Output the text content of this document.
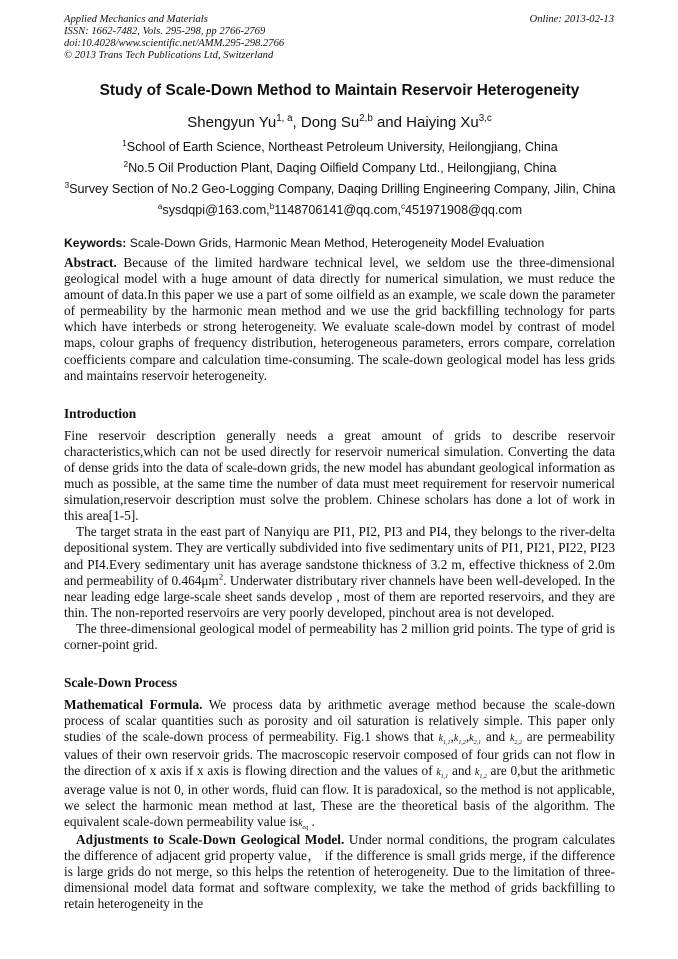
Applied Mechanics and Materials
ISSN: 1662-7482, Vols. 295-298, pp 2766-2769
doi:10.4028/www.scientific.net/AMM.295-298.2766
© 2013 Trans Tech Publications Ltd, Switzerland
Online: 2013-02-13
Study of Scale-Down Method to Maintain Reservoir Heterogeneity
Shengyun Yu$^{1, a}$, Dong Su$^{2,b}$ and Haiying Xu$^{3,c}$
$^1$School of Earth Science, Northeast Petroleum University, Heilongjiang, China
$^2$No.5 Oil Production Plant, Daqing Oilfield Company Ltd., Heilongjiang, China
$^3$Survey Section of No.2 Geo-Logging Company, Daqing Drilling Engineering Company, Jilin, China
$^a$sysdqpi@163.com,$^b$1148706141@qq.com,$^c$451971908@qq.com
Keywords: Scale-Down Grids, Harmonic Mean Method, Heterogeneity Model Evaluation
Abstract. Because of the limited hardware technical level, we seldom use the three-dimensional geological model with a huge amount of data directly for numerical simulation, we must reduce the amount of data.In this paper we use a part of some oilfield as an example, we scale down the parameter of permeability by the harmonic mean method and we use the grid backfilling technology for parts which have interbeds or strong heterogeneity. We evaluate scale-down model by contrast of model maps, colour graphs of frequency distribution, heterogeneous parameters, errors compare, correlation coefficients compare and calculation time-consuming. The scale-down geological model has less grids and maintains reservoir heterogeneity.
Introduction
Fine reservoir description generally needs a great amount of grids to describe reservoir characteristics,which can not be used directly for reservoir numerical simulation. Converting the data of dense grids into the data of scale-down grids, the new model has abundant geological information as much as possible, at the same time the number of data must meet requirement for reservoir numerical simulation,reservoir description must solve the problem. Chinese scholars has done a lot of work in this area[1-5].
The target strata in the east part of Nanyiqu are PI1, PI2, PI3 and PI4, they belongs to the river-delta depositional system. They are vertically subdivided into five sedimentary units of PI1, PI21, PI22, PI23 and PI4.Every sedimentary unit has average sandstone thickness of 3.2 m, effective thickness of 2.0m and permeability of $0.464\mu m^2$. Underwater distributary river channels have been well-developed. In the near leading edge large-scale sheet sands develop , most of them are reported reservoirs, and they are thin. The non-reported reservoirs are very poorly developed, pinchout area is not developed.
The three-dimensional geological model of permeability has 2 million grid points. The type of grid is corner-point grid.
Scale-Down Process
Mathematical Formula. We process data by arithmetic average method because the scale-down process of scalar quantities such as porosity and oil saturation is relatively simple. This paper only studies of the scale-down process of permeability. Fig.1 shows that $k_{1,1},k_{1,2},k_{2,1}$ and $k_{2,2}$ are permeability values of their own reservoir grids. The macroscopic reservoir composed of four grids can not flow in the direction of x axis if x axis is flowing direction and the values of $k_{1,1}$ and $k_{1,2}$ are 0,but the arithmetic average value is not 0, in other words, fluid can flow. It is paradoxical, so the method is not applicable, we select the harmonic mean method at last, These are the theoretical basis of the algorithm. The equivalent scale-down permeability value isk$_{eq}$ .
Adjustments to Scale-Down Geological Model. Under normal conditions, the program calculates the difference of adjacent grid property value， if the difference is small grids merge, if the difference is large grids do not merge, so this helps the retention of heterogeneity. Due to the limitation of three-dimensional model data format and software complexity, we take the method of grids backfilling to retain heterogeneity in the
